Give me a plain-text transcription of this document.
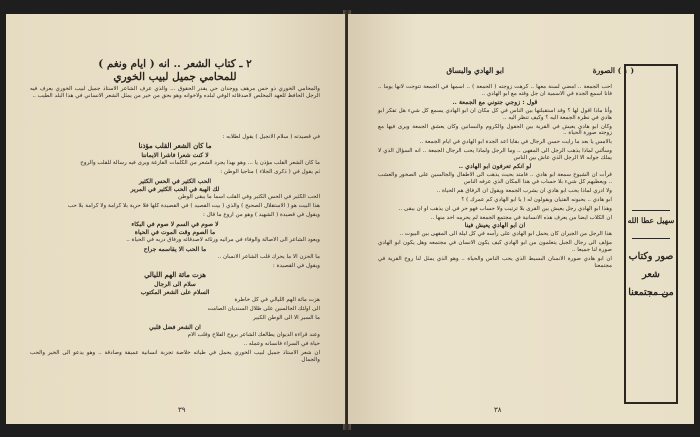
٢ ـ كتاب الشعر .. انه ( ايام ونغم )
للمحامي جميل لبيب الخوري
والمحامي الخوري ذو حس مرهف ووجدان حي يقدر الحقوق ... والذي عرف الشاعر الاستاذ جميل لبيب الخوري يعرف فيه الرجل الحافظ للعهد المخلص لاصدقائه الوفي لبلده ولاخوانه وهو بحق من خير من يمثل الشعر الانساني في هذا البلد الطيب ..

في قصيدته ( سلام الانجيل ) يقول لطلابه :

ما كان الشعر القلب مؤذنا
لا كنت شعرا فاشرا الايماننا

ما كان الشعر القلب مؤذن يا ... وهو بهذا يجرد الشعر من الكلمات الفارغة ويرى فيه رسالة للقلب والروح

ثم يقول في ( ذكرى الجلاء ) مناجيا الوطن :

الحب الكثير في الحس الكثير
لك الهبة في الحب الكثير في المرير

الحب الكثير في الحس الكثير وفي القلب اسما ما يبقى الوطن

هذا البيت هو ( الاستقلال الصحيح ) والذي ( بيت القصيد ) في القصيدة كلها فلا حرية بلا كرامة ولا كرامة بلا حب

ويقول في قصيدة ( الشهيد ) وهو من اروع ما قال :

لا صوم في السم لا صوم في البكاء
ما الصوم وقت الموت في الحياة

ويعود الشاعر الى الاصالة والوفاء في مراثيه ورثائه لاصدقائه ورفاق دربه في الحياة ..

ما الحب الا يقاسمه جراح

ما الحزن الا ما يحرك قلب الشاعر الانسان ..

ويقول في القصيدة :

هزت مائة الهم الليالي
سلام الى الرجال
السلام على الشعر المكتوب

هزت مائة الهم الليالي في كل خاطرة

الى اولئك الجالسين على ظلال السنديان الصامت

ما السير الا الى الوطن الكبير

ان الشعر فضل قلبي

وعند قراءة الديوان يطالعك الشاعر بروح الفلاح وقلب الام

حياة في السراء فانسانه وعمله ..

ان شعر الاستاذ جميل لبيب الخوري يحمل في طياته خلاصة تجربة انسانية عميقة وصادقة .. وهو يدعو الى الخير والحب والجمال

٣٩
( ١ ) الصورة
ابو الهادي والبساق

احب الجمعة .. امضي لسنة معها .. كرهت زوجته ( الحمعة ) .. اسمها في الجمعة تتوجت لانها يوما .. فانا اسمع الجدة في الاسمية ان جل وقته مع ابو الهادي ..

قول : زوجي جنوني مع الجمعة ..

وأنا ماذا اقول لها ؟ وقد استقبلتها بين الناس في كل مكان ان ابو الهادي يسمع كل شيء هل تفكر ابو هادي في نظرة الجمعة اليه ؟ وكيف تنظر اليه ..

وكان ابو هادي يعيش في القرية بين الحقول والكروم والبساتين وكان يعشق الجمعة ويرى فيها مع زوجته صورة الحياة ..

بالامس يا بعد ما رايت حسن الرجال في بقايا اعد الجدة ابو الهادي في ايام الجمعة ..

وسألني لماذا يذهب الرجل الى المقهى .. وما الرجل ولماذا يحب الرجال الجمعة .. انه السؤال الذي لا يملك جوابه الا الرجل الذي عاش بين الناس

لو انكم تعرفون ابو الهادي ..

قرأت ان الشيوخ سمعة ابو هادي .. فامتد بحيث يذهب الى الاطفال والجالسين على الصخور والعشب .. ويعطيهم كل شيء بلا حساب في هذا المكان الذي عرفه الناس

ولا ادري لماذا يحب ابو هادي ان يشرب الجمعة ويقول ان الرفاق هم الحياة ..

ابو هادي .. يحبونه الفتيان ويقولون له ( يا ابو الهادي كم عمرك ) ؟

وهذا ابو الهادي رجل يعيش بين القرى بلا ترتيب ولا حساب فهو حر في ان يذهب او ان يبقى ..

ان الكلاب ايضا من يعرف هذه الانسانية في مجتمع الجمعة لم يحرمه احد منها ..

ان ابو الهادي يعيش فينا

هذا الرجل من الجيران كان يحمل ابو الهادي على رأسه في كل ليلة الى المقهى بين البيوت ..

مؤلف الى رجال الجبل يتعلمون من ابو الهادي كيف يكون الانسان في مجتمعه وهل يكون ابو الهادي صورة لنا جميعا ..

ان ابو هادي صورة الانسان البسيط الذي يحب الناس والحياة .. وهو الذي يمثل لنا روح القرية في مجتمعنا

٣٨
سهيل عطا الله
صور وكتاب شعر
من مجتمعنا
